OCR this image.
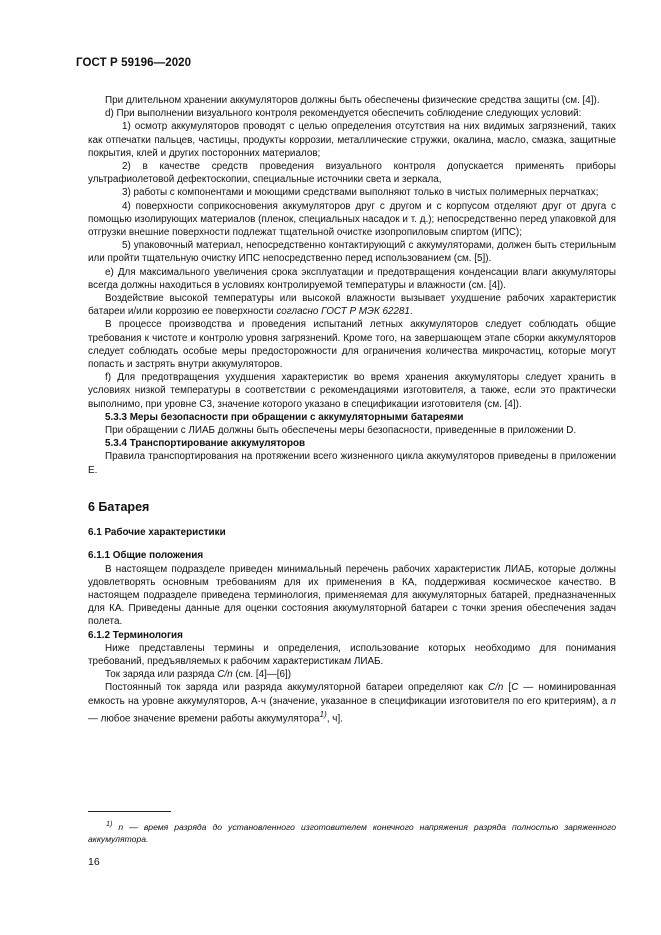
ГОСТ Р 59196—2020

При длительном хранении аккумуляторов должны быть обеспечены физические средства защиты (см. [4]).

d) При выполнении визуального контроля рекомендуется обеспечить соблюдение следующих условий:

1) осмотр аккумуляторов проводят с целью определения отсутствия на них видимых загрязнений, таких как отпечатки пальцев, частицы, продукты коррозии, металлические стружки, окалина, масло, смазка, защитные покрытия, клей и других посторонних материалов;

2) в качестве средств проведения визуального контроля допускается применять приборы ультрафиолетовой дефектоскопии, специальные источники света и зеркала,

3) работы с компонентами и моющими средствами выполняют только в чистых полимерных перчатках;

4) поверхности соприкосновения аккумуляторов друг с другом и с корпусом отделяют друг от друга с помощью изолирующих материалов (пленок, специальных насадок и т. д.); непосредственно перед упаковкой для отгрузки внешние поверхности подлежат тщательной очистке изопропиловым спиртом (ИПС);

5) упаковочный материал, непосредственно контактирующий с аккумуляторами, должен быть стерильным или пройти тщательную очистку ИПС непосредственно перед использованием (см. [5]).

e) Для максимального увеличения срока эксплуатации и предотвращения конденсации влаги аккумуляторы всегда должны находиться в условиях контролируемой температуры и влажности (см. [4]).

Воздействие высокой температуры или высокой влажности вызывает ухудшение рабочих характеристик батареи и/или коррозию ее поверхности согласно ГОСТ Р МЭК 62281.

В процессе производства и проведения испытаний летных аккумуляторов следует соблюдать общие требования к чистоте и контролю уровня загрязнений. Кроме того, на завершающем этапе сборки аккумуляторов следует соблюдать особые меры предосторожности для ограничения количества микрочастиц, которые могут попасть и застрять внутри аккумуляторов.

f) Для предотвращения ухудшения характеристик во время хранения аккумуляторы следует хранить в условиях низкой температуры в соответствии с рекомендациями изготовителя, а также, если это практически выполнимо, при уровне С3, значение которого указано в спецификации изготовителя (см. [4]).

5.3.3 Меры безопасности при обращении с аккумуляторными батареями

При обращении с ЛИАБ должны быть обеспечены меры безопасности, приведенные в приложении D.

5.3.4 Транспортирование аккумуляторов

Правила транспортирования на протяжении всего жизненного цикла аккумуляторов приведены в приложении Е.

6 Батарея
6.1 Рабочие характеристики
6.1.1 Общие положения

В настоящем подразделе приведен минимальный перечень рабочих характеристик ЛИАБ, которые должны удовлетворять основным требованиям для их применения в КА, поддерживая космическое качество. В настоящем подразделе приведена терминология, применяемая для аккумуляторных батарей, предназначенных для КА. Приведены данные для оценки состояния аккумуляторной батареи с точки зрения обеспечения задач полета.

6.1.2 Терминология

Ниже представлены термины и определения, использование которых необходимо для понимания требований, предъявляемых к рабочим характеристикам ЛИАБ.

Ток заряда или разряда С/n (см. [4]—[6])

Постоянный ток заряда или разряда аккумуляторной батареи определяют как С/n [С — номинированная емкость на уровне аккумуляторов, А·ч (значение, указанное в спецификации изготовителя по его критериям), а n — любое значение времени работы аккумулятора$^{1)}$, ч].

$^{1)}$ n — время разряда до установленного изготовителем конечного напряжения разряда полностью заряженного аккумулятора.
16
